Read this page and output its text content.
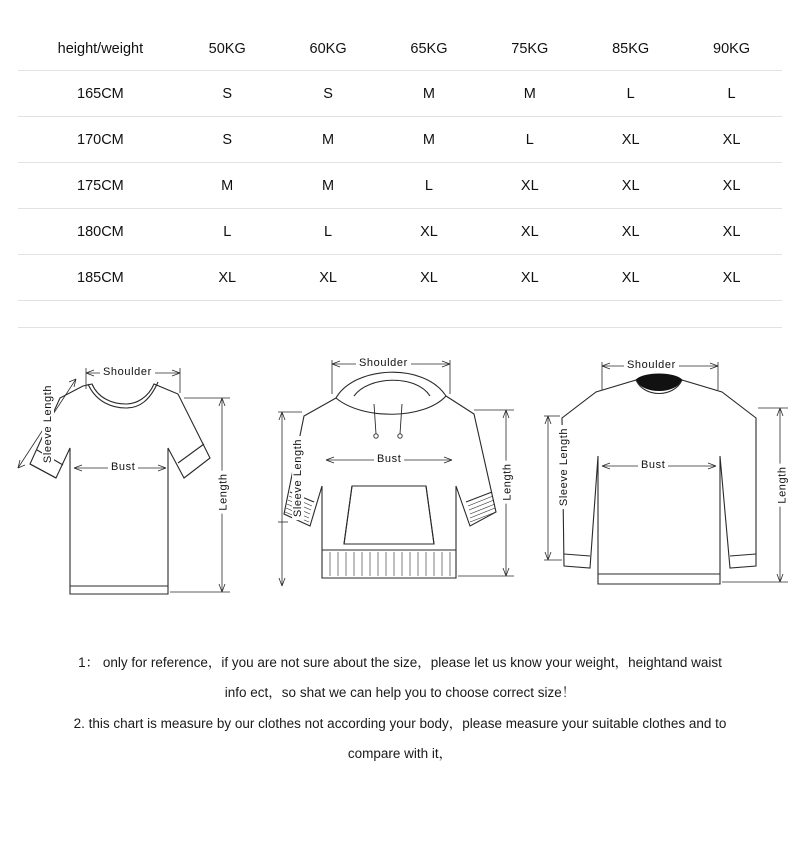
height/weight	50KG	60KG	65KG	75KG	85KG	90KG
165CM	S	S	M	M	L	L
170CM	S	M	M	L	XL	XL
175CM	M	M	L	XL	XL	XL
180CM	L	L	XL	XL	XL	XL
185CM	XL	XL	XL	XL	XL	XL
Shoulder
Sleeve Length
Bust
Length
Shoulder
Sleeve Length	Bust
Length
Shoulder
Sleeve Length	Bust
Length

1： only for reference，if you are not sure about the size，please let us know your weight，heightand waist

info ect，so shat we can help you to choose correct size！

2. this chart is measure by our clothes not according your body，please measure your suitable clothes and to

compare with it，
